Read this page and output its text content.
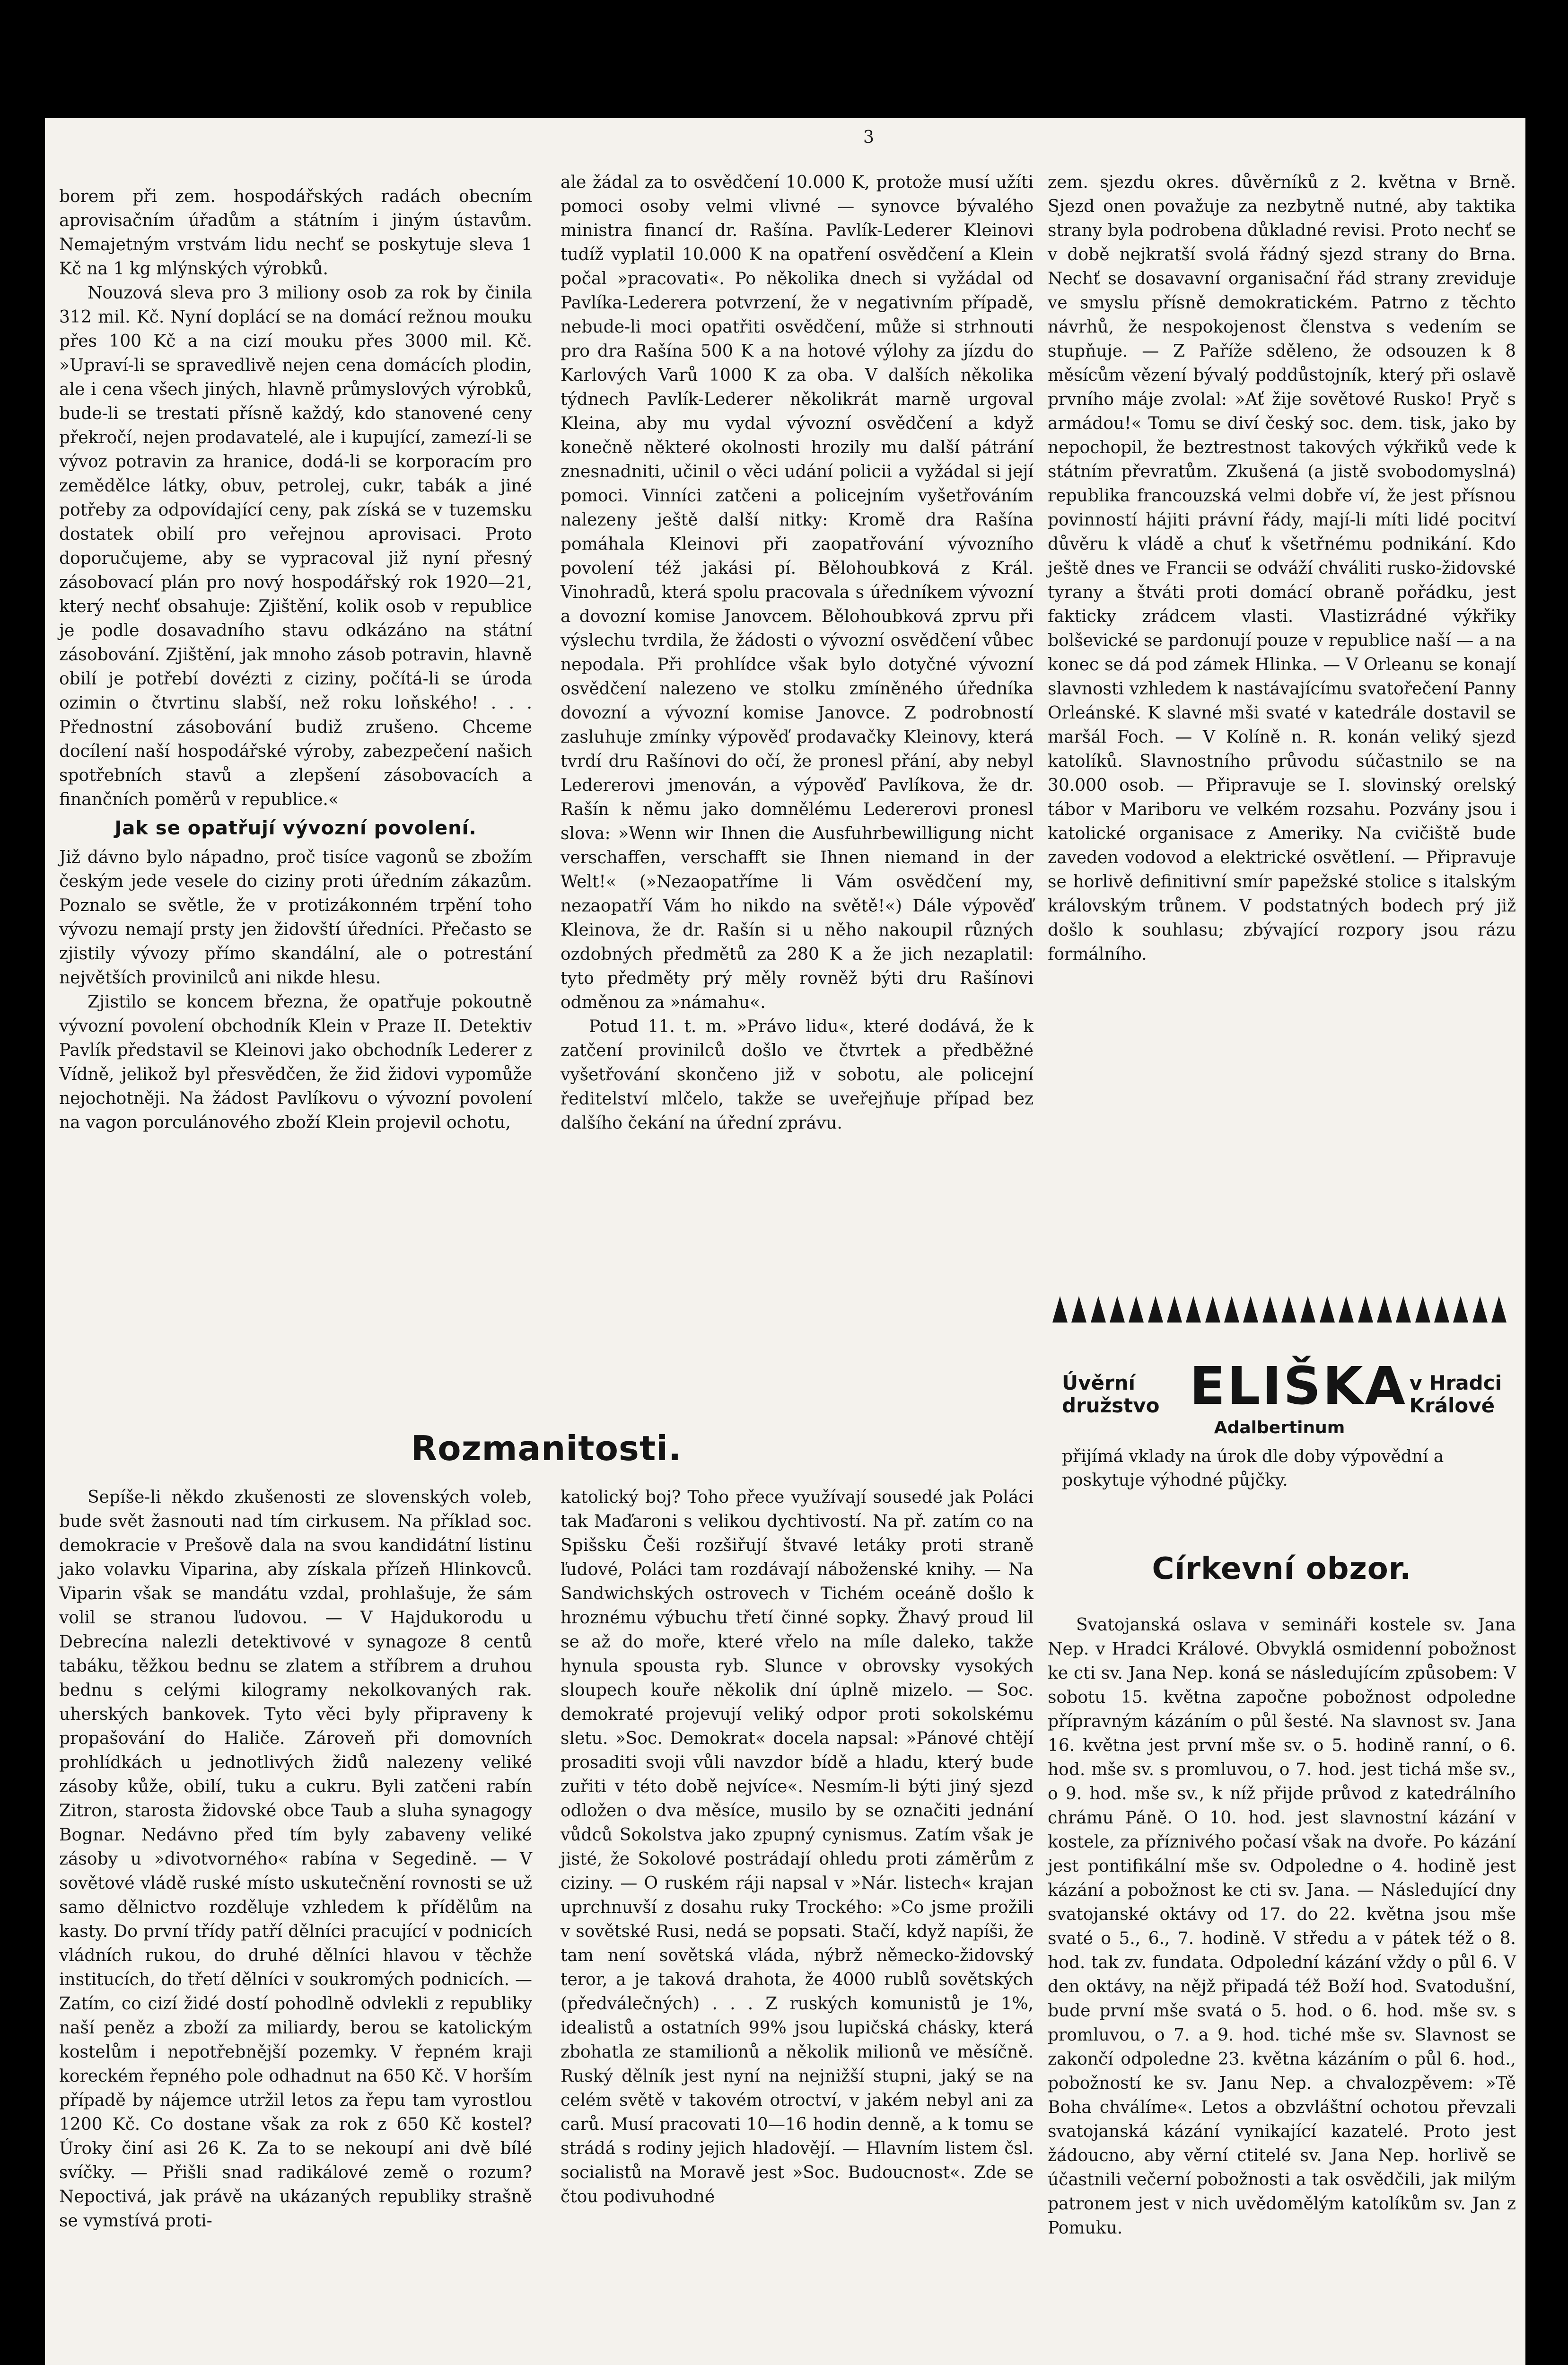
3

borem při zem. hospodářských radách obecním aprovisačním úřadům a státním i jiným ústavům. Nemajetným vrstvám lidu nechť se poskytuje sleva 1 Kč na 1 kg mlýnských výrobků.

Nouzová sleva pro 3 miliony osob za rok by činila 312 mil. Kč. Nyní doplácí se na domácí režnou mouku přes 100 Kč a na cizí mouku přes 3000 mil. Kč. »Upraví-li se spravedlivě nejen cena domácích plodin, ale i cena všech jiných, hlavně průmyslových výrobků, bude-li se trestati přísně každý, kdo stanovené ceny překročí, nejen prodavatelé, ale i kupující, zamezí-li se vývoz potravin za hranice, dodá-li se korporacím pro zemědělce látky, obuv, petrolej, cukr, tabák a jiné potřeby za odpovídající ceny, pak získá se v tuzemsku dostatek obilí pro veřejnou aprovisaci. Proto doporučujeme, aby se vypracoval již nyní přesný zásobovací plán pro nový hospodářský rok 1920—21, který nechť obsahuje: Zjištění, kolik osob v republice je podle dosavadního stavu odkázáno na státní zásobování. Zjištění, jak mnoho zásob potravin, hlavně obilí je potřebí dovézti z ciziny, počítá-li se úroda ozimin o čtvrtinu slabší, než roku loňského! . . . Přednostní zásobování budiž zrušeno. Chceme docílení naší hospodářské výroby, zabezpečení našich spotřebních stavů a zlepšení zásobovacích a finančních poměrů v republice.«

Jak se opatřují vývozní povolení.

Již dávno bylo nápadno, proč tisíce vagonů se zbožím českým jede vesele do ciziny proti úředním zákazům. Poznalo se světle, že v protizákonném trpění toho vývozu nemají prsty jen židovští úředníci. Přečasto se zjistily vývozy přímo skandální, ale o potrestání největších provinilců ani nikde hlesu.

Zjistilo se koncem března, že opatřuje pokoutně vývozní povolení obchodník Klein v Praze II. Detektiv Pavlík představil se Kleinovi jako obchodník Lederer z Vídně, jelikož byl přesvědčen, že žid židovi vypomůže nejochotněji. Na žádost Pavlíkovu o vývozní povolení na vagon porculánového zboží Klein projevil ochotu,

ale žádal za to osvědčení 10.000 K, protože musí užíti pomoci osoby velmi vlivné — synovce bývalého ministra financí dr. Rašína. Pavlík-Lederer Kleinovi tudíž vyplatil 10.000 K na opatření osvědčení a Klein počal »pracovati«. Po několika dnech si vyžádal od Pavlíka-Lederera potvrzení, že v negativním případě, nebude-li moci opatřiti osvědčení, může si strhnouti pro dra Rašína 500 K a na hotové výlohy za jízdu do Karlových Varů 1000 K za oba. V dalších několika týdnech Pavlík-Lederer několikrát marně urgoval Kleina, aby mu vydal vývozní osvědčení a když konečně některé okolnosti hrozily mu další pátrání znesnadniti, učinil o věci udání policii a vyžádal si její pomoci. Vinníci zatčeni a policejním vyšetřováním nalezeny ještě další nitky: Kromě dra Rašína pomáhala Kleinovi při zaopatřování vývozního povolení též jakási pí. Bělohoubková z Král. Vinohradů, která spolu pracovala s úředníkem vývozní a dovozní komise Janovcem. Bělohoubková zprvu při výslechu tvrdila, že žádosti o vývozní osvědčení vůbec nepodala. Při prohlídce však bylo dotyčné vývozní osvědčení nalezeno ve stolku zmíněného úředníka dovozní a vývozní komise Janovce. Z podrobností zasluhuje zmínky výpověď prodavačky Kleinovy, která tvrdí dru Rašínovi do očí, že pronesl přání, aby nebyl Ledererovi jmenován, a výpověď Pavlíkova, že dr. Rašín k němu jako domnělému Ledererovi pronesl slova: »Wenn wir Ihnen die Ausfuhrbewilligung nicht verschaffen, verschafft sie Ihnen niemand in der Welt!« (»Nezaopatříme li Vám osvědčení my, nezaopatří Vám ho nikdo na světě!«) Dále výpověď Kleinova, že dr. Rašín si u něho nakoupil různých ozdobných předmětů za 280 K a že jich nezaplatil: tyto předměty prý měly rovněž býti dru Rašínovi odměnou za »námahu«.

Potud 11. t. m. »Právo lidu«, které dodává, že k zatčení provinilců došlo ve čtvrtek a předběžné vyšetřování skončeno již v sobotu, ale policejní ředitelství mlčelo, takže se uveřejňuje případ bez dalšího čekání na úřední zprávu.

zem. sjezdu okres. důvěrníků z 2. května v Brně. Sjezd onen považuje za nezbytně nutné, aby taktika strany byla podrobena důkladné revisi. Proto nechť se v době nejkratší svolá řádný sjezd strany do Brna. Nechť se dosavavní organisační řád strany zreviduje ve smyslu přísně demokratickém. Patrno z těchto návrhů, že nespokojenost členstva s vedením se stupňuje. — Z Paříže sděleno, že odsouzen k 8 měsícům vězení bývalý poddůstojník, který při oslavě prvního máje zvolal: »Ať žije sovětové Rusko! Pryč s armádou!« Tomu se diví český soc. dem. tisk, jako by nepochopil, že beztrestnost takových výkřiků vede k státním převratům. Zkušená (a jistě svobodomyslná) republika francouzská velmi dobře ví, že jest přísnou povinností hájiti právní řády, mají-li míti lidé pocitví důvěru k vládě a chuť k všetřnému podnikání. Kdo ještě dnes ve Francii se odváží chváliti rusko-židovské tyrany a štváti proti domácí obraně pořádku, jest fakticky zrádcem vlasti. Vlastizrádné výkřiky bolševické se pardonují pouze v republice naší — a na konec se dá pod zámek Hlinka. — V Orleanu se konají slavnosti vzhledem k nastávajícímu svatořečení Panny Orleánské. K slavné mši svaté v katedrále dostavil se maršál Foch. — V Kolíně n. R. konán veliký sjezd katolíků. Slavnostního průvodu súčastnilo se na 30.000 osob. — Připravuje se I. slovinský orelský tábor v Mariboru ve velkém rozsahu. Pozvány jsou i katolické organisace z Ameriky. Na cvičiště bude zaveden vodovod a elektrické osvětlení. — Připravuje se horlivě definitivní smír papežské stolice s italským královským trůnem. V podstatných bodech prý již došlo k souhlasu; zbývající rozpory jsou rázu formálního.

Úvěrní
družstvo ELIŠKA v Hradci
Králové
Adalbertinum
přijímá vklady na úrok dle doby výpovědní a poskytuje výhodné půjčky.
Rozmanitosti.

Sepíše-li někdo zkušenosti ze slovenských voleb, bude svět žasnouti nad tím cirkusem. Na příklad soc. demokracie v Prešově dala na svou kandidátní listinu jako volavku Viparina, aby získala přízeň Hlinkovců. Viparin však se mandátu vzdal, prohlašuje, že sám volil se stranou ľudovou. — V Hajdukorodu u Debrecína nalezli detektivové v synagoze 8 centů tabáku, těžkou bednu se zlatem a stříbrem a druhou bednu s celými kilogramy nekolkovaných rak. uherských bankovek. Tyto věci byly připraveny k propašování do Haliče. Zároveň při domovních prohlídkách u jednotlivých židů nalezeny veliké zásoby kůže, obilí, tuku a cukru. Byli zatčeni rabín Zitron, starosta židovské obce Taub a sluha synagogy Bognar. Nedávno před tím byly zabaveny veliké zásoby u »divotvorného« rabína v Segedině. — V sovětové vládě ruské místo uskutečnění rovnosti se už samo dělnictvo rozděluje vzhledem k přídělům na kasty. Do první třídy patří dělníci pracující v podnicích vládních rukou, do druhé dělníci hlavou v těchže institucích, do třetí dělníci v soukromých podnicích. — Zatím, co cizí židé dostí pohodlně odvlekli z republiky naší peněz a zboží za miliardy, berou se katolickým kostelům i nepotřebnější pozemky. V řepném kraji koreckém řepného pole odhadnut na 650 Kč. V horším případě by nájemce utržil letos za řepu tam vyrostlou 1200 Kč. Co dostane však za rok z 650 Kč kostel? Úroky činí asi 26 K. Za to se nekoupí ani dvě bílé svíčky. — Přišli snad radikálové země o rozum? Nepoctivá, jak právě na ukázaných republiky strašně se vymstívá proti-

katolický boj? Toho přece využívají sousedé jak Poláci tak Maďaroni s velikou dychtivostí. Na př. zatím co na Spišsku Češi rozšiřují štvavé letáky proti straně ľudové, Poláci tam rozdávají náboženské knihy. — Na Sandwichských ostrovech v Tichém oceáně došlo k hroznému výbuchu třetí činné sopky. Žhavý proud lil se až do moře, které vřelo na míle daleko, takže hynula spousta ryb. Slunce v obrovsky vysokých sloupech kouře několik dní úplně mizelo. — Soc. demokraté projevují veliký odpor proti sokolskému sletu. »Soc. Demokrat« docela napsal: »Pánové chtějí prosaditi svoji vůli navzdor bídě a hladu, který bude zuřiti v této době nejvíce«. Nesmím-li býti jiný sjezd odložen o dva měsíce, musilo by se označiti jednání vůdců Sokolstva jako zpupný cynismus. Zatím však je jisté, že Sokolové postrádají ohledu proti záměrům z ciziny. — O ruském ráji napsal v »Nár. listech« krajan uprchnuvší z dosahu ruky Trockého: »Co jsme prožili v sovětské Rusi, nedá se popsati. Stačí, když napíši, že tam není sovětská vláda, nýbrž německo-židovský teror, a je taková drahota, že 4000 rublů sovětských (předválečných) . . . Z ruských komunistů je 1%, idealistů a ostatních 99% jsou lupičská chásky, která zbohatla ze stamilionů a několik milionů ve měsíčně. Ruský dělník jest nyní na nejnižší stupni, jaký se na celém světě v takovém otroctví, v jakém nebyl ani za carů. Musí pracovati 10—16 hodin denně, a k tomu se strádá s rodiny jejich hladovějí. — Hlavním listem čsl. socialistů na Moravě jest »Soc. Budoucnost«. Zde se čtou podivuhodné

Církevní obzor.

Svatojanská oslava v semináři kostele sv. Jana Nep. v Hradci Králové. Obvyklá osmidenní pobožnost ke cti sv. Jana Nep. koná se následujícím způsobem: V sobotu 15. května započne pobožnost odpoledne přípravným kázáním o půl šesté. Na slavnost sv. Jana 16. května jest první mše sv. o 5. hodině ranní, o 6. hod. mše sv. s promluvou, o 7. hod. jest tichá mše sv., o 9. hod. mše sv., k níž přijde průvod z katedrálního chrámu Páně. O 10. hod. jest slavnostní kázání v kostele, za příznivého počasí však na dvoře. Po kázání jest pontifikální mše sv. Odpoledne o 4. hodině jest kázání a pobožnost ke cti sv. Jana. — Následující dny svatojanské oktávy od 17. do 22. května jsou mše svaté o 5., 6., 7. hodině. V středu a v pátek též o 8. hod. tak zv. fundata. Odpolední kázání vždy o půl 6. V den oktávy, na nějž připadá též Boží hod. Svatodušní, bude první mše svatá o 5. hod. o 6. hod. mše sv. s promluvou, o 7. a 9. hod. tiché mše sv. Slavnost se zakončí odpoledne 23. května kázáním o půl 6. hod., pobožností ke sv. Janu Nep. a chvalozpěvem: »Tě Boha chválíme«. Letos a obzvláštní ochotou převzali svatojanská kázání vynikající kazatelé. Proto jest žádoucno, aby věrní ctitelé sv. Jana Nep. horlivě se účastnili večerní pobožnosti a tak osvědčili, jak milým patronem jest v nich uvědomělým katolíkům sv. Jan z Pomuku.
